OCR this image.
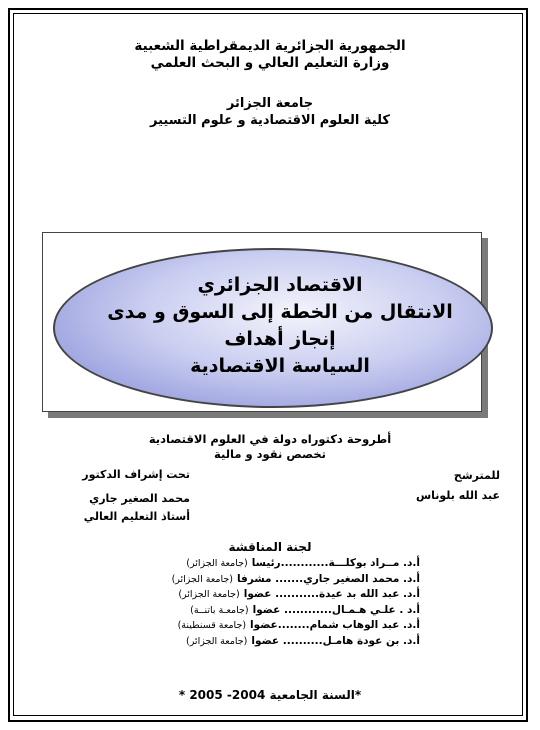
الجمهورية الجزائرية الديمقراطية الشعبية
وزارة التعليم العالي و البحث العلمي
جامعة الجزائر
كلية العلوم الاقتصادية و علوم التسيير
الاقتصاد الجزائري
الانتقال من الخطة إلى السوق و مدى إنجاز أهداف
السياسة الاقتصادية
أطروحة دكتوراه دولة في العلوم الاقتصادية
تخصص نقود و مالية
للمترشح
عبد الله بلوناس
تحت إشراف الدكتور
محمد الصغير جاري
أستاذ التعليم العالي
لجنة المناقشة
أ.د. مــراد بوكلـــة............رئيسا(جامعة الجزائر)
أ.د. محمد الصغير جاري....... مشرفا(جامعة الجزائر)
أ.د. عبد الله بد عيدة........... عضوا(جامعة الجزائر)
أ.د . علـي هـمـال............ عضوا(جامعـة باتنــة)
أ.د. عبد الوهاب شمام........عضوا(جامعة قسنطينة)
أ.د. بن عودة هامـل.......... عضوا(جامعة الجزائر)
*السنة الجامعية 2004- 2005 *
